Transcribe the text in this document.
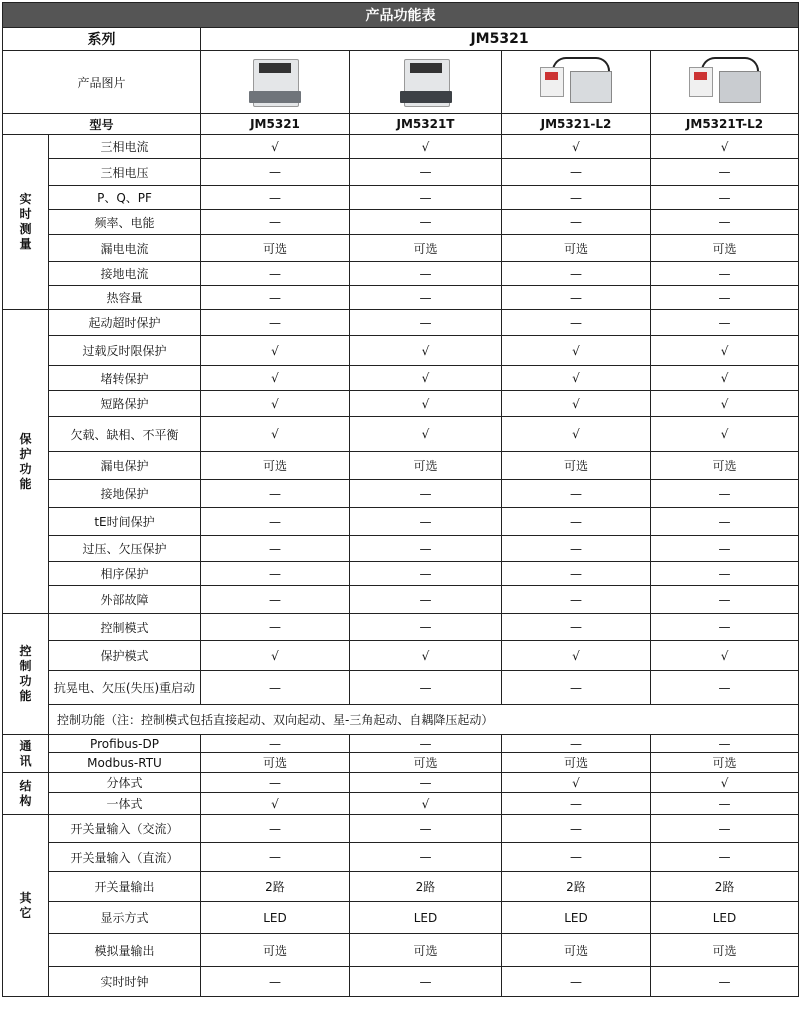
产品功能表					
系列		JM5321			
产品图片		

型号		JM5321	JM5321T	JM5321-L2	JM5321T-L2

实
时
测
量	三相电流	√	√	√	√
	三相电压	—	—	—	—
	P、Q、PF	—	—	—	—
	频率、电能	—	—	—	—
	漏电电流	可选	可选	可选	可选
	接地电流	—	—	—	—
	热容量	—	—	—	—

保
护
功
能	起动超时保护	—	—	—	—
	过载反时限保护	√	√	√	√
	堵转保护	√	√	√	√
	短路保护	√	√	√	√
	欠载、缺相、不平衡	√	√	√	√
	漏电保护	可选	可选	可选	可选
	接地保护	—	—	—	—
	tE时间保护	—	—	—	—
	过压、欠压保护	—	—	—	—
	相序保护	—	—	—	—
	外部故障	—	—	—	—

控
制
功
能	控制模式	—	—	—	—
	保护模式	√	√	√	√
	抗晃电、欠压(失压)重启动	—	—	—	—
	控制功能（注：控制模式包括直接起动、双向起动、星-三角起动、自耦降压起动）				

通
讯	Profibus-DP	—	—	—	—
	Modbus-RTU	可选	可选	可选	可选

结
构	分体式	—	—	√	√
	一体式	√	√	—	—

其
它	开关量输入（交流）	—	—	—	—
	开关量输入（直流）	—	—	—	—
	开关量输出	2路	2路	2路	2路
	显示方式	LED	LED	LED	LED
	模拟量输出	可选	可选	可选	可选
	实时时钟	—	—	—	—
